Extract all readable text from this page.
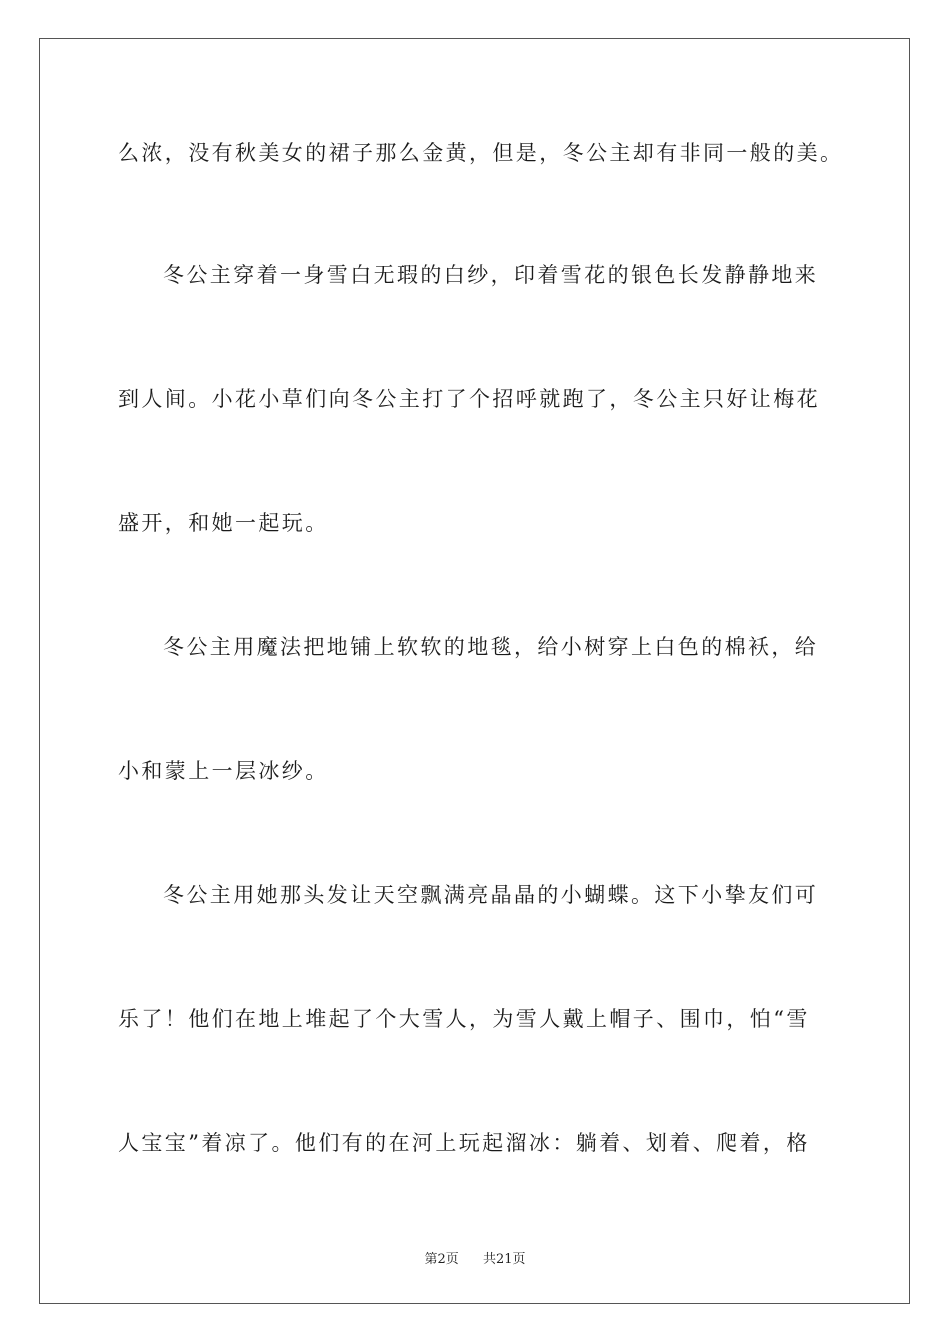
么浓，没有秋美女的裙子那么金黄，但是，冬公主却有非同一般的美。
冬公主穿着一身雪白无瑕的白纱，印着雪花的银色长发静静地来
到人间。小花小草们向冬公主打了个招呼就跑了，冬公主只好让梅花
盛开，和她一起玩。
冬公主用魔法把地铺上软软的地毯，给小树穿上白色的棉袄，给
小和蒙上一层冰纱。
冬公主用她那头发让天空飘满亮晶晶的小蝴蝶。这下小挚友们可
乐了！他们在地上堆起了个大雪人，为雪人戴上帽子、围巾，怕“雪
人宝宝”着凉了。他们有的在河上玩起溜冰：躺着、划着、爬着，格
第2页 共21页
